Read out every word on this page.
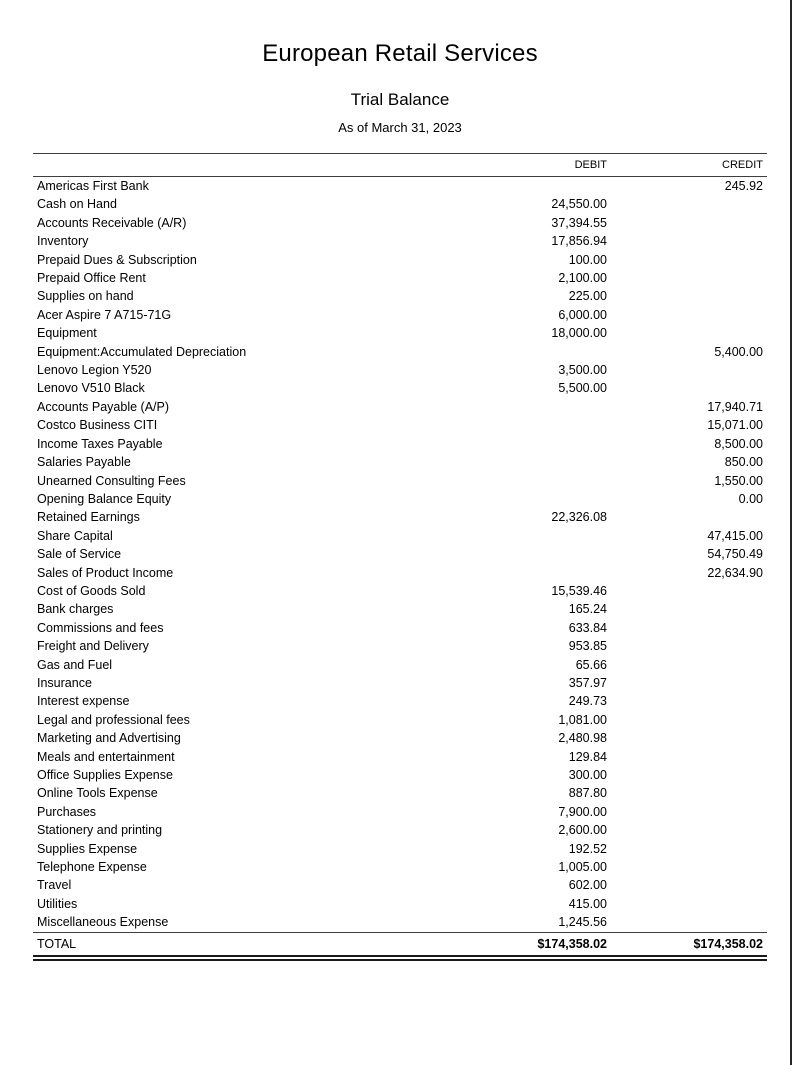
European Retail Services
Trial Balance
As of March 31, 2023
	DEBIT	CREDIT
Americas First Bank		245.92
Cash on Hand	24,550.00	
Accounts Receivable (A/R)	37,394.55	
Inventory	17,856.94	
Prepaid Dues & Subscription	100.00	
Prepaid Office Rent	2,100.00	
Supplies on hand	225.00	
Acer Aspire 7 A715-71G	6,000.00	
Equipment	18,000.00	
Equipment:Accumulated Depreciation		5,400.00
Lenovo Legion Y520	3,500.00	
Lenovo V510 Black	5,500.00	
Accounts Payable (A/P)		17,940.71
Costco Business CITI		15,071.00
Income Taxes Payable		8,500.00
Salaries Payable		850.00
Unearned Consulting Fees		1,550.00
Opening Balance Equity		0.00
Retained Earnings	22,326.08	
Share Capital		47,415.00
Sale of Service		54,750.49
Sales of Product Income		22,634.90
Cost of Goods Sold	15,539.46	
Bank charges	165.24	
Commissions and fees	633.84	
Freight and Delivery	953.85	
Gas and Fuel	65.66	
Insurance	357.97	
Interest expense	249.73	
Legal and professional fees	1,081.00	
Marketing and Advertising	2,480.98	
Meals and entertainment	129.84	
Office Supplies Expense	300.00	
Online Tools Expense	887.80	
Purchases	7,900.00	
Stationery and printing	2,600.00	
Supplies Expense	192.52	
Telephone Expense	1,005.00	
Travel	602.00	
Utilities	415.00	
Miscellaneous Expense	1,245.56	
TOTAL	$174,358.02	$174,358.02
